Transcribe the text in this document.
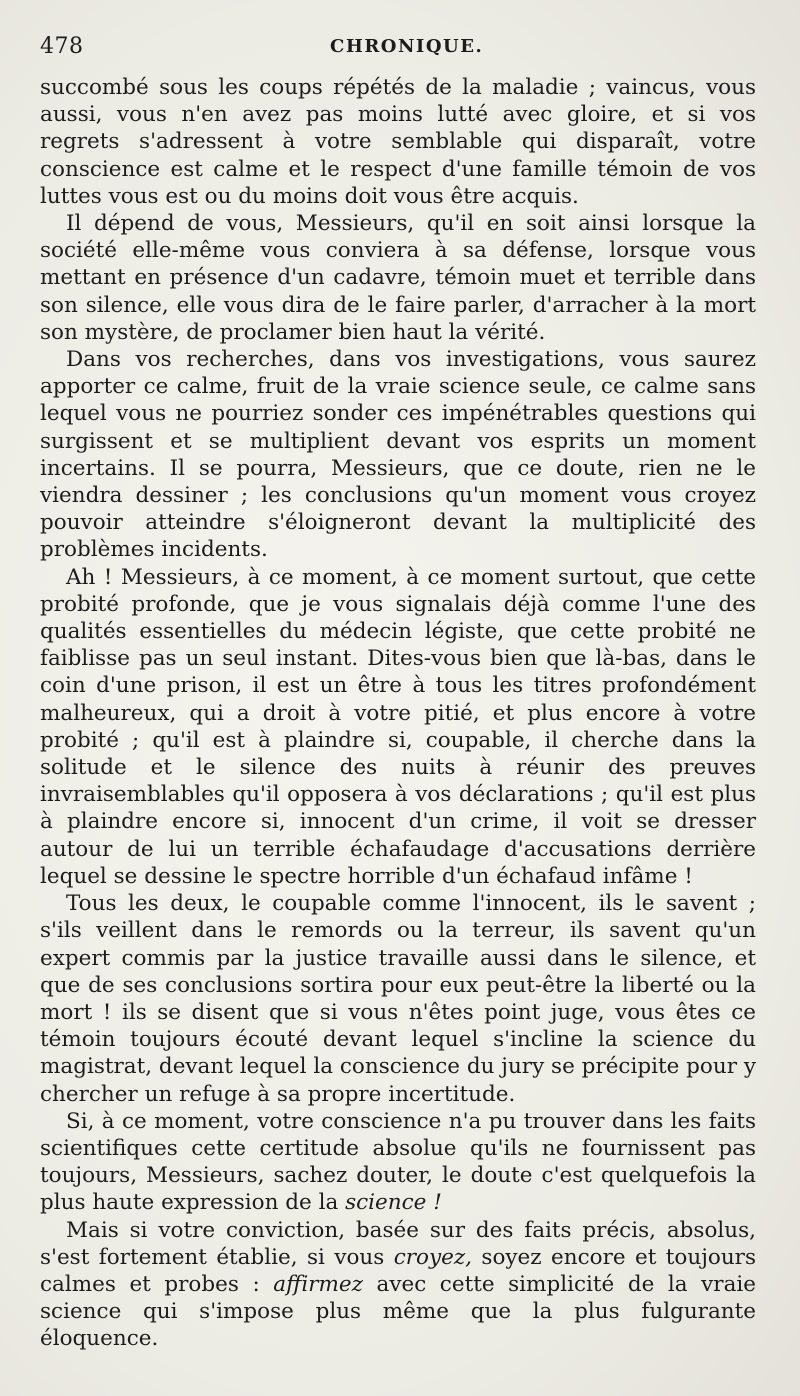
478	CHRONIQUE.

succombé sous les coups répétés de la maladie ; vaincus, vous aussi, vous n'en avez pas moins lutté avec gloire, et si vos regrets s'adressent à votre semblable qui disparaît, votre conscience est calme et le respect d'une famille témoin de vos luttes vous est ou du moins doit vous être acquis.

Il dépend de vous, Messieurs, qu'il en soit ainsi lorsque la société elle-même vous conviera à sa défense, lorsque vous mettant en présence d'un cadavre, témoin muet et terrible dans son silence, elle vous dira de le faire parler, d'arracher à la mort son mystère, de proclamer bien haut la vérité.

Dans vos recherches, dans vos investigations, vous saurez apporter ce calme, fruit de la vraie science seule, ce calme sans lequel vous ne pourriez sonder ces impénétrables questions qui surgissent et se multiplient devant vos esprits un moment incertains. Il se pourra, Messieurs, que ce doute, rien ne le viendra dessiner ; les conclusions qu'un moment vous croyez pouvoir atteindre s'éloigneront devant la multiplicité des problèmes incidents.

Ah ! Messieurs, à ce moment, à ce moment surtout, que cette probité profonde, que je vous signalais déjà comme l'une des qualités essentielles du médecin légiste, que cette probité ne faiblisse pas un seul instant. Dites-vous bien que là-bas, dans le coin d'une prison, il est un être à tous les titres profondément malheureux, qui a droit à votre pitié, et plus encore à votre probité ; qu'il est à plaindre si, coupable, il cherche dans la solitude et le silence des nuits à réunir des preuves invraisemblables qu'il opposera à vos déclarations ; qu'il est plus à plaindre encore si, innocent d'un crime, il voit se dresser autour de lui un terrible échafaudage d'accusations derrière lequel se dessine le spectre horrible d'un échafaud infâme !

Tous les deux, le coupable comme l'innocent, ils le savent ; s'ils veillent dans le remords ou la terreur, ils savent qu'un expert commis par la justice travaille aussi dans le silence, et que de ses conclusions sortira pour eux peut-être la liberté ou la mort ! ils se disent que si vous n'êtes point juge, vous êtes ce témoin toujours écouté devant lequel s'incline la science du magistrat, devant lequel la conscience du jury se précipite pour y chercher un refuge à sa propre incertitude.

Si, à ce moment, votre conscience n'a pu trouver dans les faits scientifiques cette certitude absolue qu'ils ne fournissent pas toujours, Messieurs, sachez douter, le doute c'est quelquefois la plus haute expression de la science !

Mais si votre conviction, basée sur des faits précis, absolus, s'est fortement établie, si vous croyez, soyez encore et toujours calmes et probes : affirmez avec cette simplicité de la vraie science qui s'impose plus même que la plus fulgurante éloquence.
